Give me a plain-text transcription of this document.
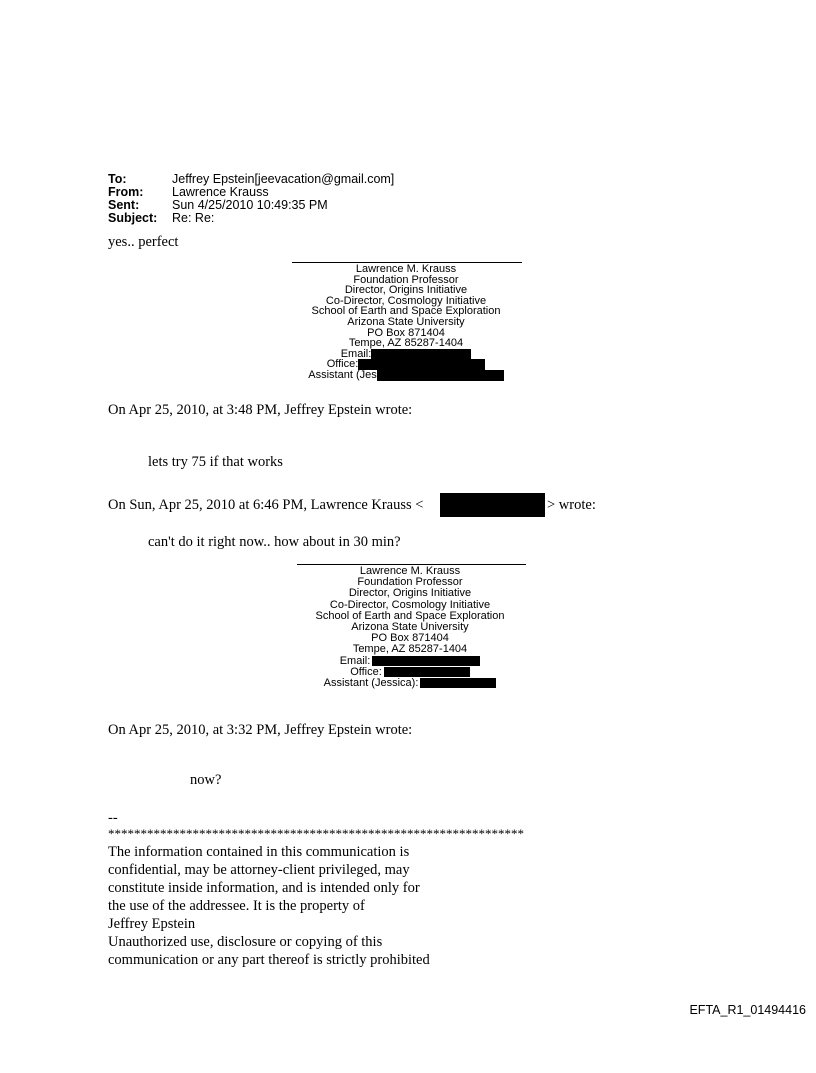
To:	Jeffrey Epstein[jeevacation@gmail.com]
From: Lawrence Krauss
Sent:	Sun 4/25/2010 10:49:35 PM
Subject: Re: Re:
yes.. perfect
Lawrence M. Krauss
Foundation Professor
Director, Origins Initiative
Co-Director, Cosmology Initiative
School of Earth and Space Exploration
Arizona State University
PO Box 871404
Tempe, AZ 85287-1404
Email:
Office:
Assistant (Jes
On Apr 25, 2010, at 3:48 PM, Jeffrey Epstein wrote:
lets try 75 if that works
On Sun, Apr 25, 2010 at 6:46 PM, Lawrence Krauss <	> wrote:
can't do it right now.. how about in 30 min?
Lawrence M. Krauss
Foundation Professor
Director, Origins Initiative
Co-Director, Cosmology Initiative
School of Earth and Space Exploration
Arizona State University
PO Box 871404
Tempe, AZ 85287-1404
Email:
Office:
Assistant (Jessica):
On Apr 25, 2010, at 3:32 PM, Jeffrey Epstein wrote:
now?
--
****************************************************************
The information contained in this communication is
confidential, may be attorney-client privileged, may
constitute inside information, and is intended only for
the use of the addressee. It is the property of
Jeffrey Epstein
Unauthorized use, disclosure or copying of this
communication or any part thereof is strictly prohibited
EFTA_R1_01494416
